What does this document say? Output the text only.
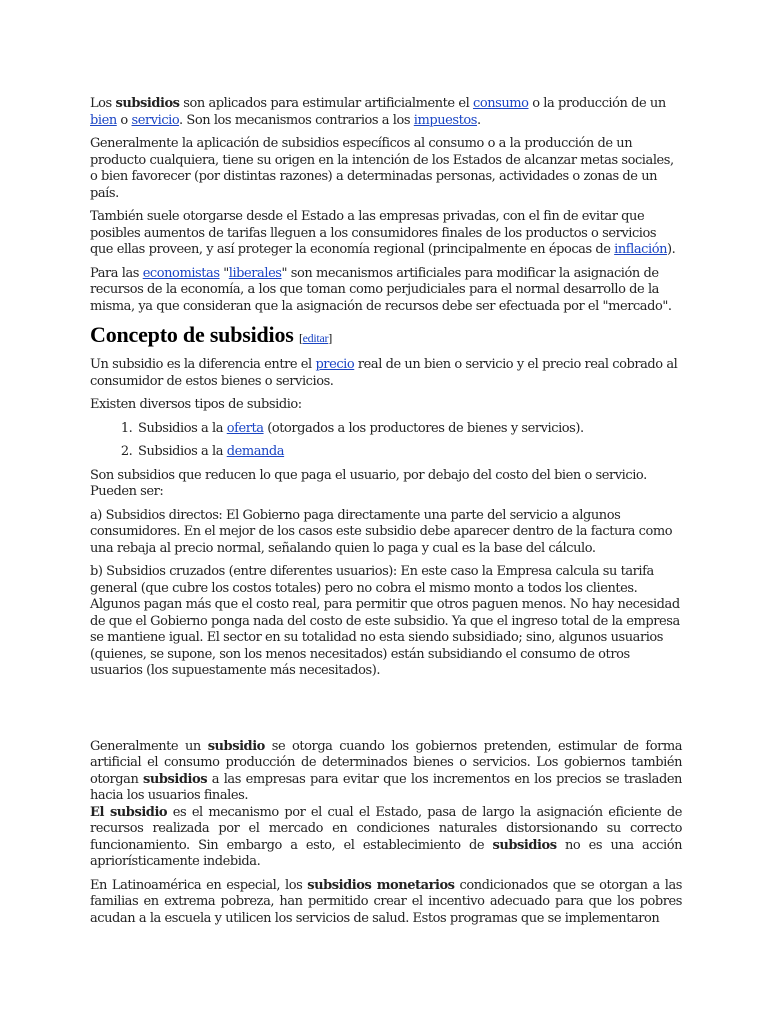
Los subsidios son aplicados para estimular artificialmente el consumo o la producción de un bien o servicio. Son los mecanismos contrarios a los impuestos.

Generalmente la aplicación de subsidios específicos al consumo o a la producción de un producto cualquiera, tiene su origen en la intención de los Estados de alcanzar metas sociales, o bien favorecer (por distintas razones) a determinadas personas, actividades o zonas de un país.

También suele otorgarse desde el Estado a las empresas privadas, con el fin de evitar que posibles aumentos de tarifas lleguen a los consumidores finales de los productos o servicios que ellas proveen, y así proteger la economía regional (principalmente en épocas de inflación).

Para las economistas "liberales" son mecanismos artificiales para modificar la asignación de recursos de la economía, a los que toman como perjudiciales para el normal desarrollo de la misma, ya que consideran que la asignación de recursos debe ser efectuada por el "mercado".

Concepto de subsidios [editar]

Un subsidio es la diferencia entre el precio real de un bien o servicio y el precio real cobrado al consumidor de estos bienes o servicios.

Existen diversos tipos de subsidio:

1. Subsidios a la oferta (otorgados a los productores de bienes y servicios).
2. Subsidios a la demanda

Son subsidios que reducen lo que paga el usuario, por debajo del costo del bien o servicio. Pueden ser:

a) Subsidios directos: El Gobierno paga directamente una parte del servicio a algunos consumidores. En el mejor de los casos este subsidio debe aparecer dentro de la factura como una rebaja al precio normal, señalando quien lo paga y cual es la base del cálculo.

b) Subsidios cruzados (entre diferentes usuarios): En este caso la Empresa calcula su tarifa general (que cubre los costos totales) pero no cobra el mismo monto a todos los clientes. Algunos pagan más que el costo real, para permitir que otros paguen menos. No hay necesidad de que el Gobierno ponga nada del costo de este subsidio. Ya que el ingreso total de la empresa se mantiene igual. El sector en su totalidad no esta siendo subsidiado; sino, algunos usuarios (quienes, se supone, son los menos necesitados) están subsidiando el consumo de otros usuarios (los supuestamente más necesitados).

Generalmente un subsidio se otorga cuando los gobiernos pretenden, estimular de forma artificial el consumo producción de determinados bienes o servicios. Los gobiernos también otorgan subsidios a las empresas para evitar que los incrementos en los precios se trasladen hacia los usuarios finales.

El subsidio es el mecanismo por el cual el Estado, pasa de largo la asignación eficiente de recursos realizada por el mercado en condiciones naturales distorsionando su correcto funcionamiento. Sin embargo a esto, el establecimiento de subsidios no es una acción apriorísticamente indebida.

En Latinoamérica en especial, los subsidios monetarios condicionados que se otorgan a las familias en extrema pobreza, han permitido crear el incentivo adecuado para que los pobres acudan a la escuela y utilicen los servicios de salud. Estos programas que se implementaron
